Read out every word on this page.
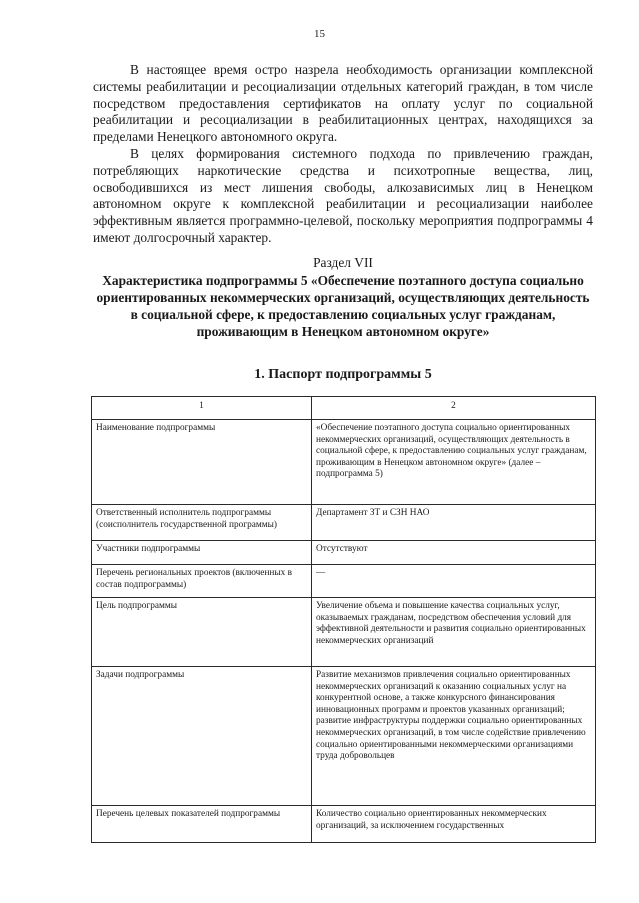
15

В настоящее время остро назрела необходимость организации комплексной системы реабилитации и ресоциализации отдельных категорий граждан, в том числе посредством предоставления сертификатов на оплату услуг по социальной реабилитации и ресоциализации в реабилитационных центрах, находящихся за пределами Ненецкого автономного округа.

В целях формирования системного подхода по привлечению граждан, потребляющих наркотические средства и психотропные вещества, лиц, освободившихся из мест лишения свободы, алкозависимых лиц в Ненецком автономном округе к комплексной реабилитации и ресоциализации наиболее эффективным является программно-целевой, поскольку мероприятия подпрограммы 4 имеют долгосрочный характер.

Раздел VII
Характеристика подпрограммы 5 «Обеспечение поэтапного доступа социально ориентированных некоммерческих организаций, осуществляющих деятельность в социальной сфере, к предоставлению социальных услуг гражданам, проживающим в Ненецком автономном округе»
1. Паспорт подпрограммы 5
1	2
Наименование подпрограммы	«Обеспечение поэтапного доступа социально ориентированных некоммерческих организаций, осуществляющих деятельность в социальной сфере, к предоставлению социальных услуг гражданам, проживающим в Ненецком автономном округе» (далее – подпрограмма 5)
Ответственный исполнитель подпрограммы (соисполнитель государственной программы)	Департамент ЗТ и СЗН НАО
Участники подпрограммы	Отсутствуют
Перечень региональных проектов (включенных в состав подпрограммы)	—
Цель подпрограммы	Увеличение объема и повышение качества социальных услуг, оказываемых гражданам, посредством обеспечения условий для эффективной деятельности и развития социально ориентированных некоммерческих организаций
Задачи подпрограммы	Развитие механизмов привлечения социально ориентированных некоммерческих организаций к оказанию социальных услуг на конкурентной основе, а также конкурсного финансирования инновационных программ и проектов указанных организаций; развитие инфраструктуры поддержки социально ориентированных некоммерческих организаций, в том числе содействие привлечению социально ориентированными некоммерческими организациями труда добровольцев
Перечень целевых показателей подпрограммы	Количество социально ориентированных некоммерческих организаций, за исключением государственных
